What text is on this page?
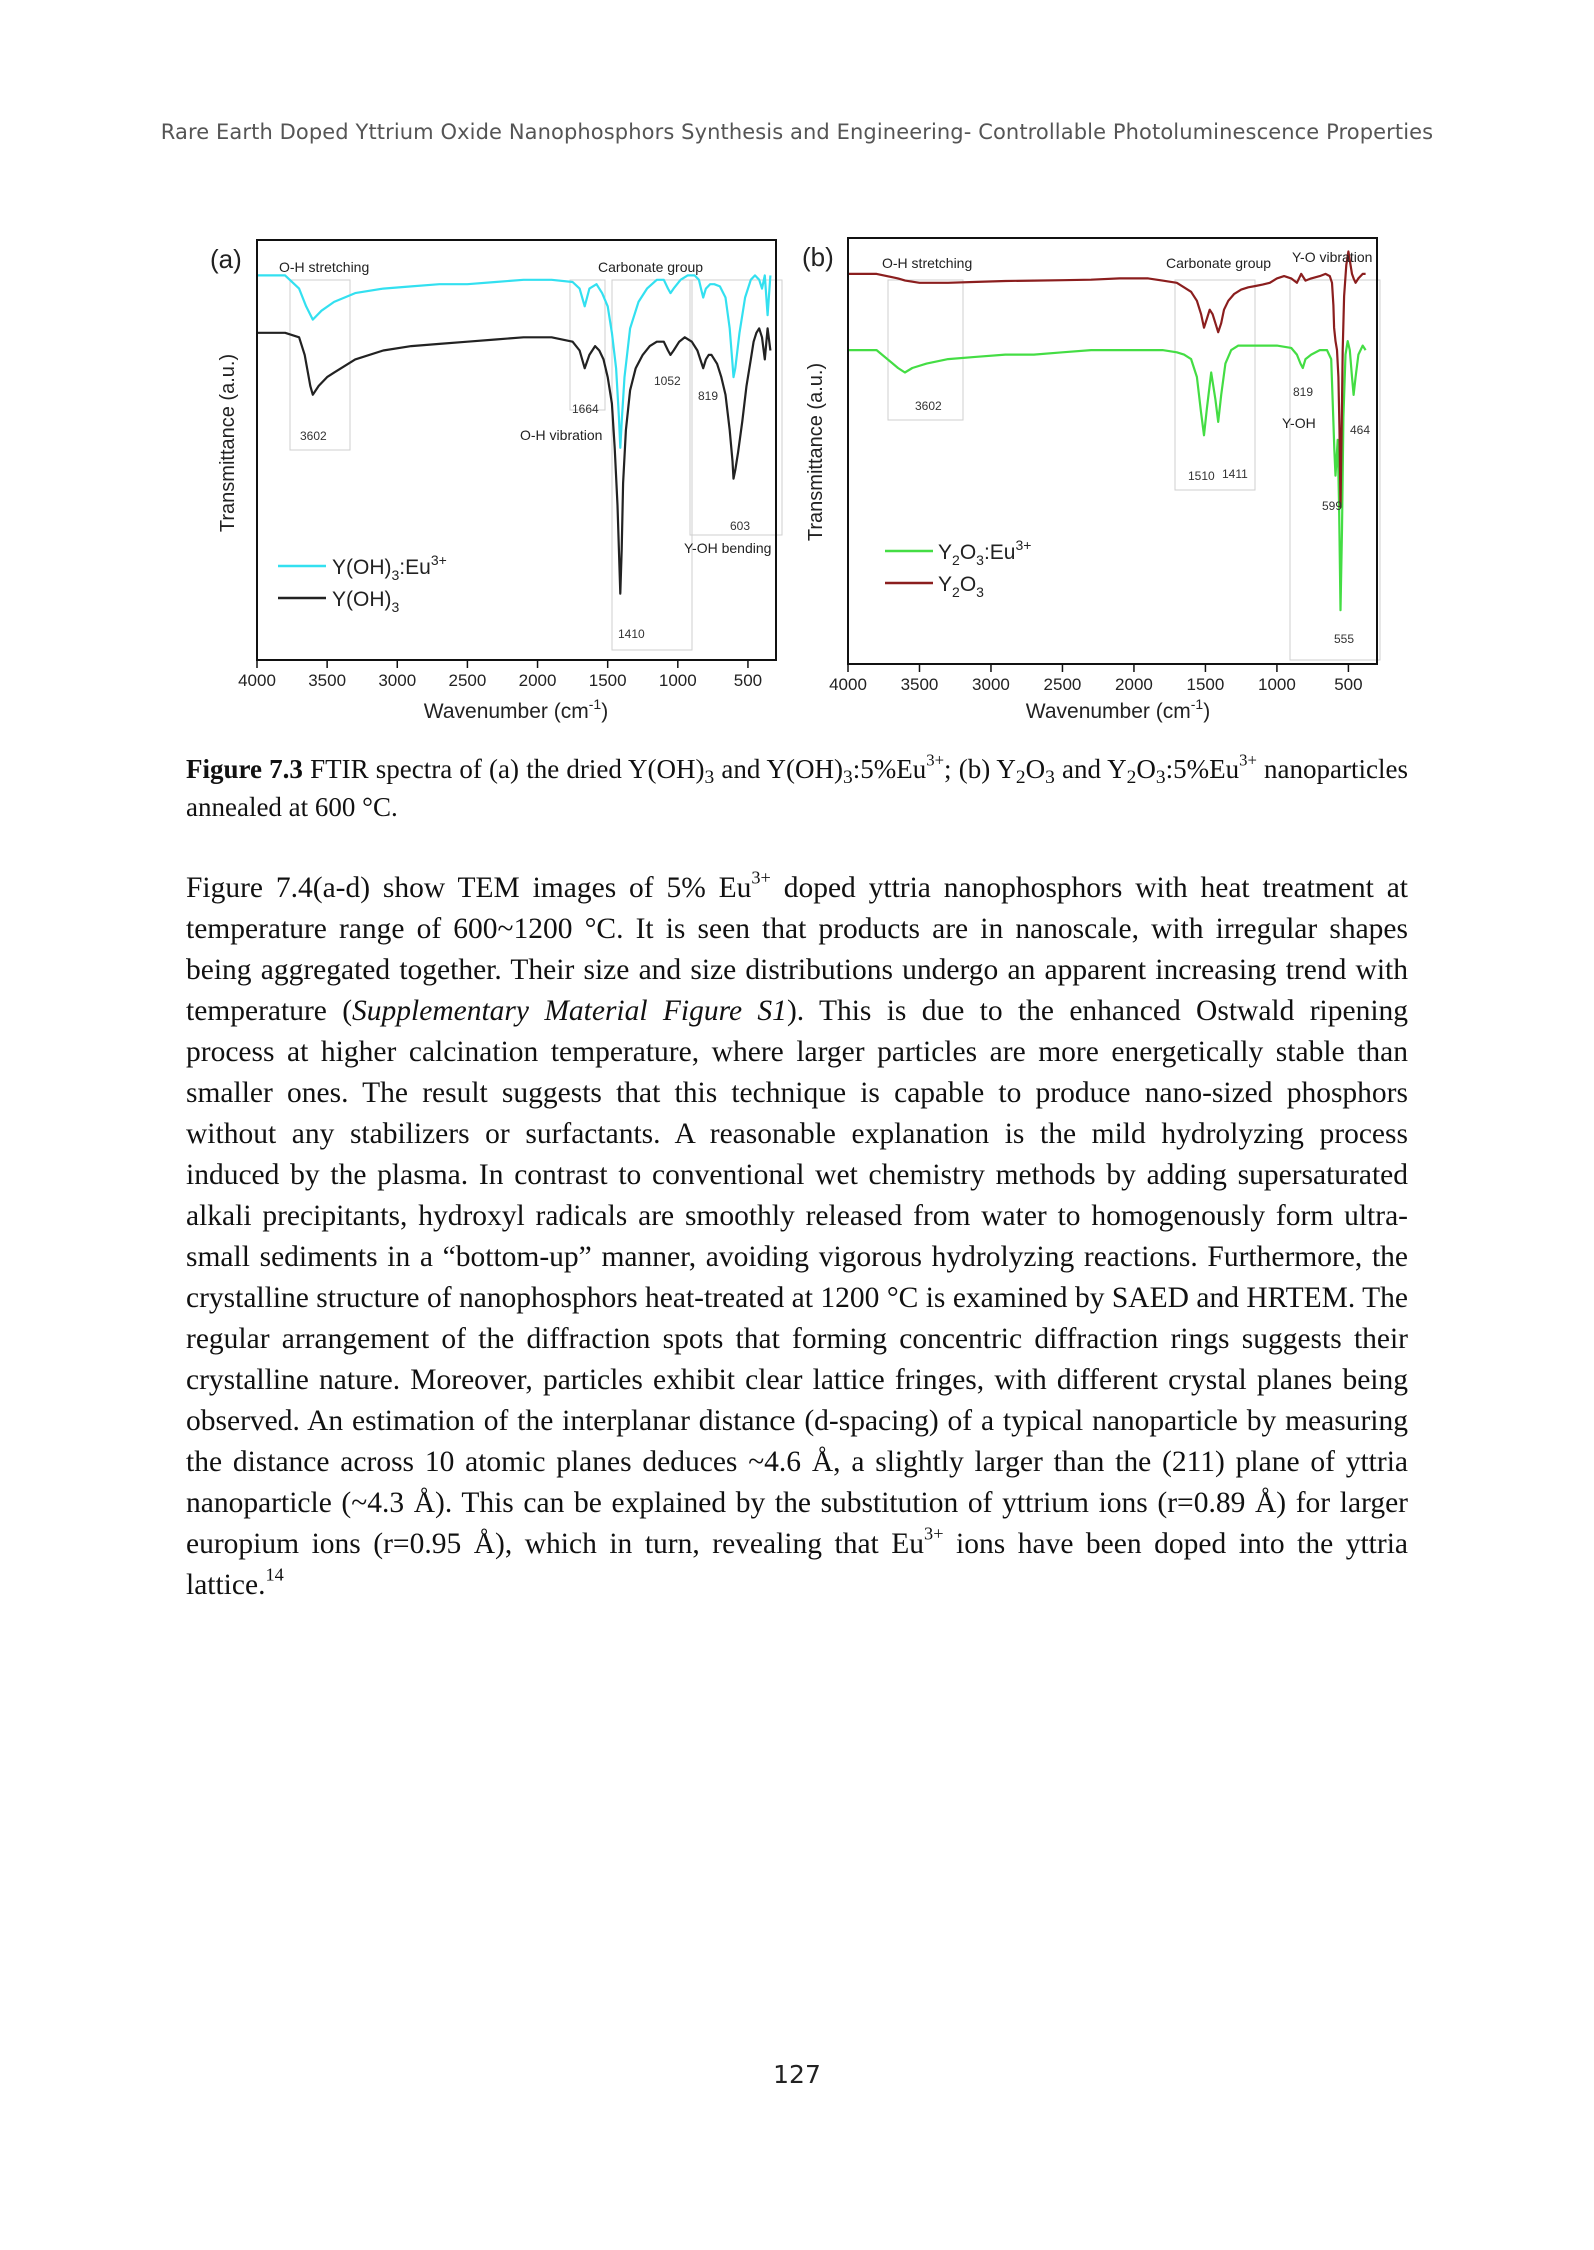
Rare Earth Doped Yttrium Oxide Nanophosphors Synthesis and Engineering- Controllable Photoluminescence Properties
(a)
Transmittance (a.u.)
4000 3500 3000 2500 2000 1500 1000 500
O-H stretching	Carbonate group
O-H vibration
Y-OH bending
3602
1664
1052
819
603
1410
$Y(OH)_3:Eu^{3+}$
$Y(OH)_3$
Wavenumber $(cm^{-1})$
(b)
Transmittance (a.u.)
4000 3500 3000 2500 2000 1500 1000 500
O-H stretching	Carbonate group Y-O vibration
Y-OH
3602
1510 1411
819
464
599
555
$Y_2O_3:Eu^{3+}$
$Y_2O_3$
Wavenumber $(cm^{-1})$
Figure 7.3 FTIR spectra of (a) the dried $Y(OH)_3$ and $Y(OH)_3:5\%Eu^{3+}$; (b) $Y_2O_3$ and $Y_2O_3:5\%Eu^{3+}$ nanoparticles annealed at 600 °C.
Figure 7.4(a-d) show TEM images of 5% $Eu^{3+}$ doped yttria nanophosphors with heat treatment at temperature range of 600~1200 °C. It is seen that products are in nanoscale, with irregular shapes being aggregated together. Their size and size distributions undergo an apparent increasing trend with temperature (Supplementary Material Figure S1). This is due to the enhanced Ostwald ripening process at higher calcination temperature, where larger particles are more energetically stable than smaller ones. The result suggests that this technique is capable to produce nano-sized phosphors without any stabilizers or surfactants. A reasonable explanation is the mild hydrolyzing process induced by the plasma. In contrast to conventional wet chemistry methods by adding supersaturated alkali precipitants, hydroxyl radicals are smoothly released from water to homogenously form ultra-small sediments in a “bottom-up” manner, avoiding vigorous hydrolyzing reactions. Furthermore, the crystalline structure of nanophosphors heat-treated at 1200 °C is examined by SAED and HRTEM. The regular arrangement of the diffraction spots that forming concentric diffraction rings suggests their crystalline nature. Moreover, particles exhibit clear lattice fringes, with different crystal planes being observed. An estimation of the interplanar distance (d-spacing) of a typical nanoparticle by measuring the distance across 10 atomic planes deduces ~4.6 Å, a slightly larger than the (211) plane of yttria nanoparticle (~4.3 Å). This can be explained by the substitution of yttrium ions (r=0.89 Å) for larger europium ions (r=0.95 Å), which in turn, revealing that $Eu^{3+}$ ions have been doped into the yttria lattice.$^{14}$
127
